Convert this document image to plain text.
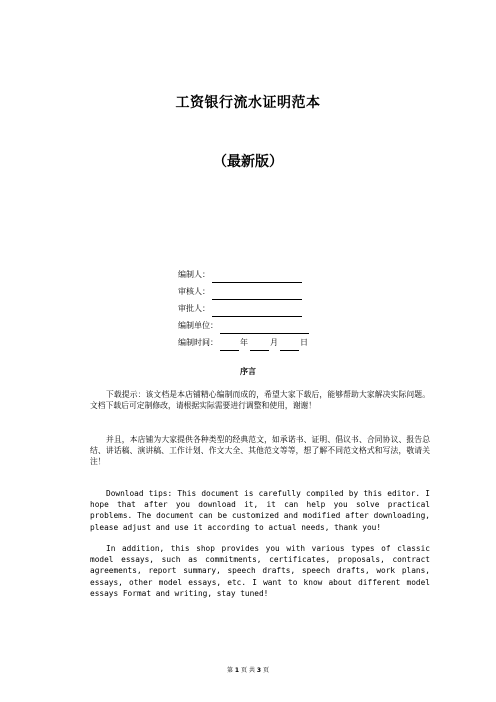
工资银行流水证明范本
（最新版）
编制人：
审核人：
审批人：
编制单位：
编制时间：	年	月	日
序言

下载提示：该文档是本店铺精心编制而成的，希望大家下载后，能够帮助大家解决实际问题。文档下载后可定制修改，请根据实际需要进行调整和使用，谢谢！

并且，本店铺为大家提供各种类型的经典范文，如承诺书、证明、倡议书、合同协议、报告总结、讲话稿、演讲稿、工作计划、作文大全、其他范文等等，想了解不同范文格式和写法，敬请关注！

Download tips: This document is carefully compiled by this editor. I hope that after you download it, it can help you solve practical problems. The document can be customized and modified after downloading, please adjust and use it according to actual needs, thank you!

In addition, this shop provides you with various types of classic model essays, such as commitments, certificates, proposals, contract agreements, report summary, speech drafts, speech drafts, work plans, essays, other model essays, etc. I want to know about different model essays Format and writing, stay tuned!

第 1 页 共 3 页
